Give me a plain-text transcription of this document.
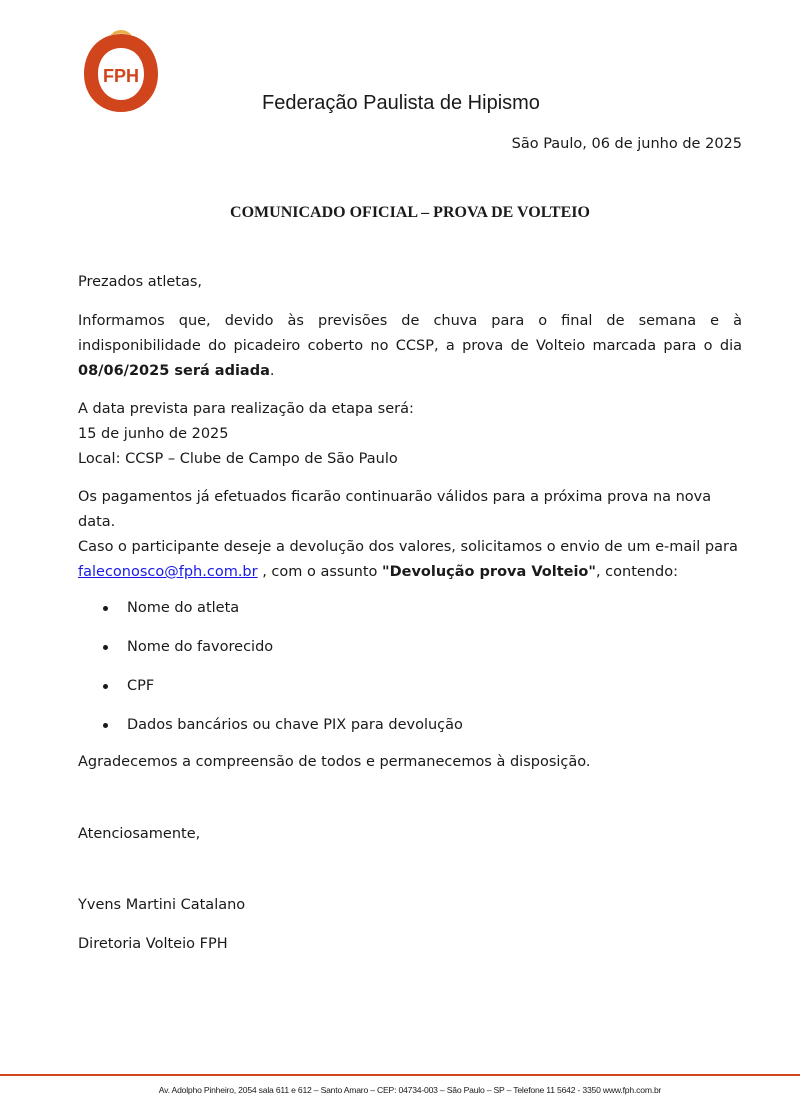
FPH
Federação Paulista de Hipismo
São Paulo, 06 de junho de 2025
COMUNICADO OFICIAL – PROVA DE VOLTEIO

Prezados atletas,

Informamos que, devido às previsões de chuva para o final de semana e à indisponibilidade do picadeiro coberto no CCSP, a prova de Volteio marcada para o dia 08/06/2025 será adiada.

A data prevista para realização da etapa será:
15 de junho de 2025
Local: CCSP – Clube de Campo de São Paulo

Os pagamentos já efetuados ficarão continuarão válidos para a próxima prova na nova data.
Caso o participante deseje a devolução dos valores, solicitamos o envio de um e-mail para faleconosco@fph.com.br , com o assunto "Devolução prova Volteio", contendo:

Nome do atleta
Nome do favorecido
CPF
Dados bancários ou chave PIX para devolução

Agradecemos a compreensão de todos e permanecemos à disposição.

Atenciosamente,

Yvens Martini Catalano

Diretoria Volteio FPH

Av. Adolpho Pinheiro, 2054 sala 611 e 612 – Santo Amaro – CEP: 04734-003 – São Paulo – SP – Telefone 11 5642 - 3350 www.fph.com.br
